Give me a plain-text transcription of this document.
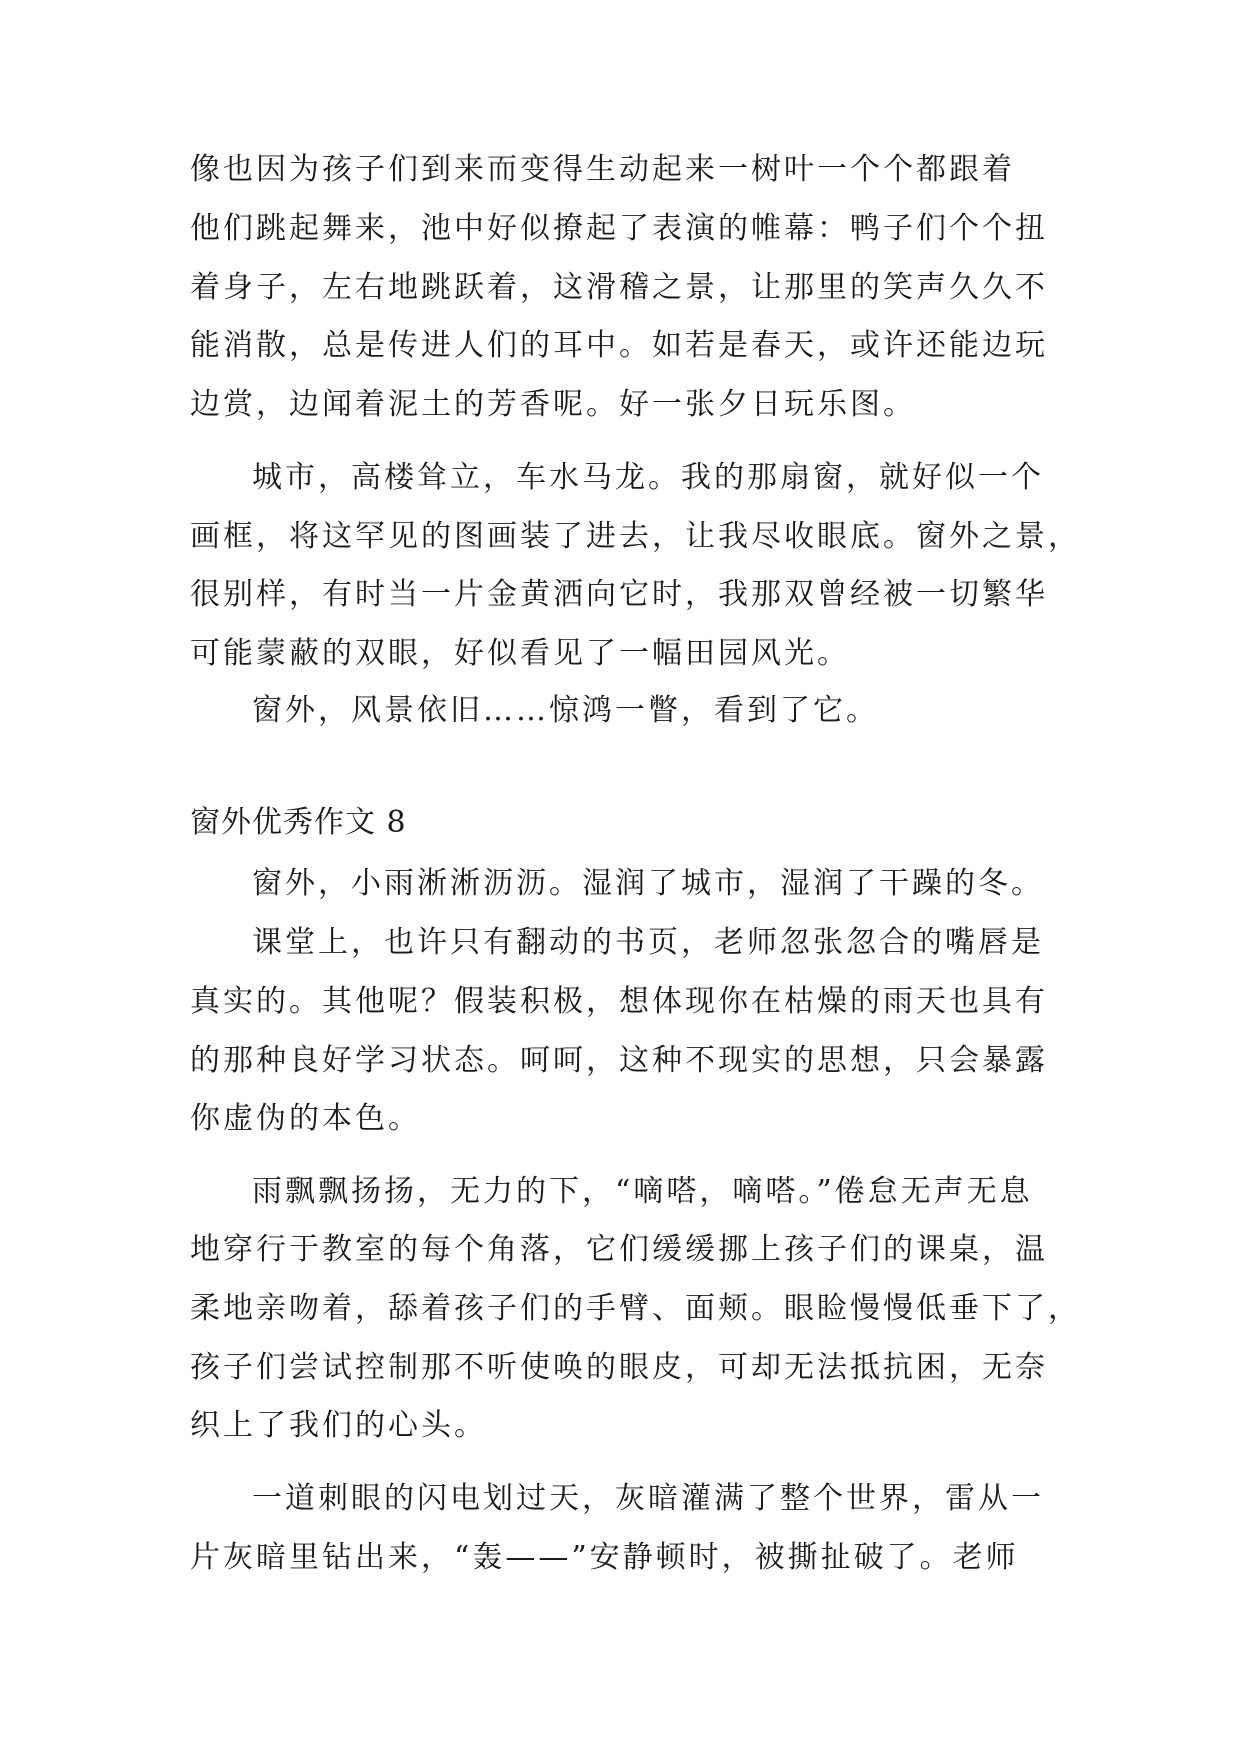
像也因为孩子们到来而变得生动起来一树叶一个个都跟着
他们跳起舞来，池中好似撩起了表演的帷幕：鸭子们个个扭
着身子，左右地跳跃着，这滑稽之景，让那里的笑声久久不
能消散，总是传进人们的耳中。如若是春天，或许还能边玩
边赏，边闻着泥土的芳香呢。好一张夕日玩乐图。
城市，高楼耸立，车水马龙。我的那扇窗，就好似一个
画框，将这罕见的图画装了进去，让我尽收眼底。窗外之景，
很别样，有时当一片金黄洒向它时，我那双曾经被一切繁华
可能蒙蔽的双眼，好似看见了一幅田园风光。
窗外，风景依旧……惊鸿一瞥，看到了它。
窗外优秀作文 8
窗外，小雨淅淅沥沥。湿润了城市，湿润了干躁的冬。
课堂上，也许只有翻动的书页，老师忽张忽合的嘴唇是
真实的。其他呢？假装积极，想体现你在枯燥的雨天也具有
的那种良好学习状态。呵呵，这种不现实的思想，只会暴露
你虚伪的本色。
雨飘飘扬扬，无力的下，“嘀嗒，嘀嗒。”倦怠无声无息
地穿行于教室的每个角落，它们缓缓挪上孩子们的课桌，温
柔地亲吻着，舔着孩子们的手臂、面颊。眼睑慢慢低垂下了，
孩子们尝试控制那不听使唤的眼皮，可却无法抵抗困，无奈
织上了我们的心头。
一道刺眼的闪电划过天，灰暗灌满了整个世界，雷从一
片灰暗里钻出来，“轰——”安静顿时，被撕扯破了。老师
